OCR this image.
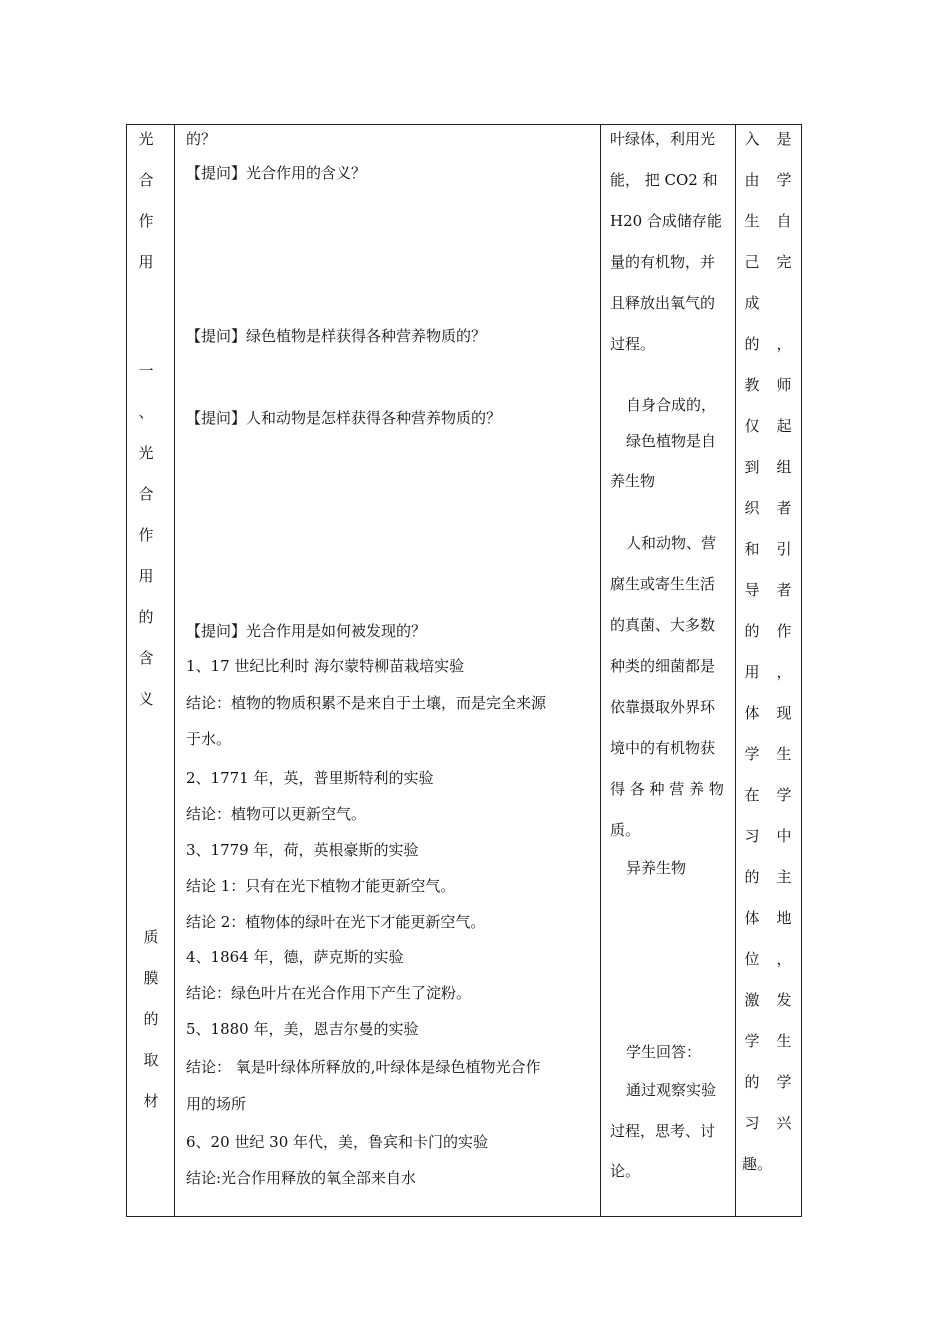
光
合
作
用
一
、
光
合
作
用
的
含
义
质
膜
的
取
材
的？
【提问】光合作用的含义？
【提问】绿色植物是样获得各种营养物质的？
【提问】人和动物是怎样获得各种营养物质的？
【提问】光合作用是如何被发现的？
1、17 世纪比利时 海尔蒙特柳苗栽培实验
结论：植物的物质积累不是来自于土壤，而是完全来源
于水。
2、1771 年，英，普里斯特利的实验
结论：植物可以更新空气。
3、1779 年，荷，英根豪斯的实验
结论 1：只有在光下植物才能更新空气。
结论 2：植物体的绿叶在光下才能更新空气。
4、1864 年，德，萨克斯的实验
结论：绿色叶片在光合作用下产生了淀粉。
5、1880 年，美，恩吉尔曼的实验
结论： 氧是叶绿体所释放的,叶绿体是绿色植物光合作
用的场所
6、20 世纪 30 年代，美，鲁宾和卡门的实验
结论:光合作用释放的氧全部来自水
叶绿体，利用光
能， 把 CO2 和
H20 合成储存能
量的有机物，并
且释放出氧气的
过程。
自身合成的，
绿色植物是自
养生物
人和动物、营
腐生或寄生生活
的真菌、大多数
种类的细菌都是
依靠摄取外界环
境中的有机物获
得 各 种 营 养 物
质。
异养生物
学生回答：
通过观察实验
过程，思考、讨
论。
入
由
生
己
成
的
教
仅
到
织
和
导
的
用
体
学
在
习
的
体
位
激
学
的
习
趣。
是
学
自
完
，
师
起
组
者
引
者
作
，
现
生
学
中
主
地
，
发
生
学
兴
